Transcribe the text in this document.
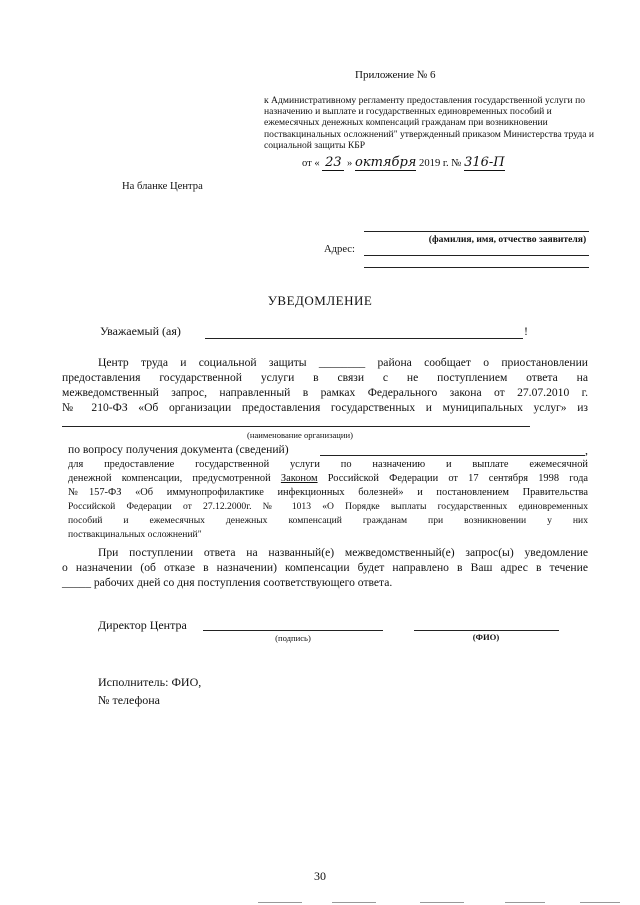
Приложение № 6
к Административному регламенту предоставления государственной услуги по назначению и выплате и государственных единовременных пособий и ежемесячных денежных компенсаций гражданам при возникновении поствакцинальных осложнений" утвержденный приказом Министерства труда и социальной защиты КБР
от « 23 » октября 2019 г. № 316-П
На бланке Центра
(фамилия, имя, отчество заявителя)
Адрес:
УВЕДОМЛЕНИЕ
Уважаемый (ая)	!
Центр труда и социальной защиты ________ района сообщает о приостановлении
предоставления государственной услуги в связи с не поступлением ответа на
межведомственный запрос, направленный в рамках Федерального закона от 27.07.2010 г.
№ 210-ФЗ «Об организации предоставления государственных и муниципальных услуг» из
(наименование организации)
по вопросу получения документа (сведений)	,
для предоставление государственной услуги по назначению и выплате ежемесячной
денежной компенсации, предусмотренной Законом Российской Федерации от 17 сентября 1998 года
№157-ФЗ «Об иммунопрофилактике инфекционных болезней» и постановлением Правительства
Российской Федерации от 27.12.2000г. № 1013 «О Порядке выплаты государственных единовременных
пособий и ежемесячных денежных компенсаций гражданам при возникновении у них
поствакцинальных осложнений"
При поступлении ответа на названный(е) межведомственный(е) запрос(ы) уведомление
о назначении (об отказе в назначении) компенсации будет направлено в Ваш адрес в течение
_____ рабочих дней со дня поступления соответствующего ответа.
Директор Центра
(подпись)	(ФИО)
Исполнитель: ФИО,
№ телефона
30
